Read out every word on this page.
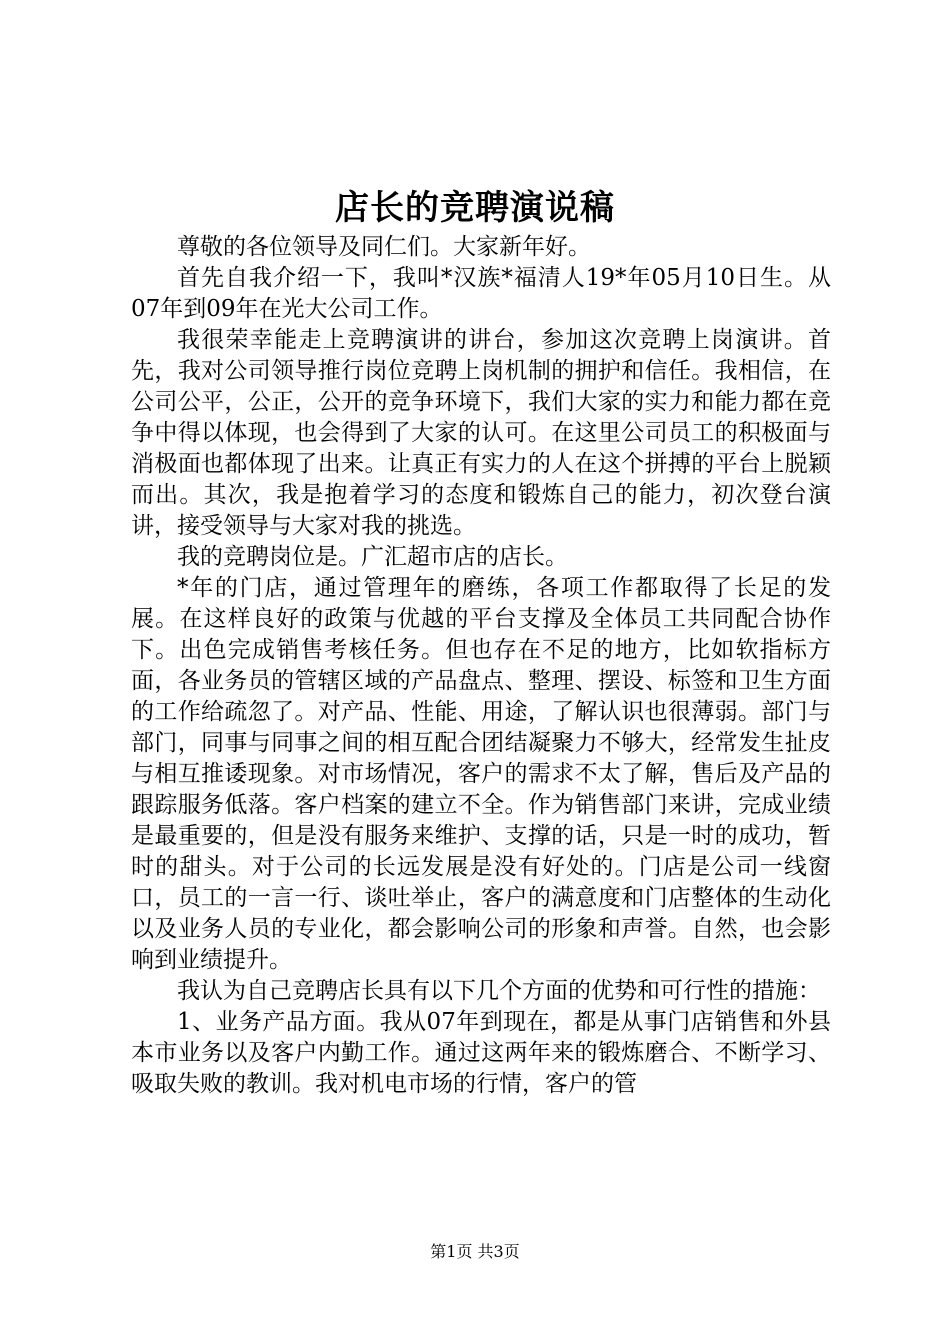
店长的竞聘演说稿

尊敬的各位领导及同仁们。大家新年好。

首先自我介绍一下，我叫*汉族*福清人19*年05月10日生。从07年到09年在光大公司工作。

我很荣幸能走上竞聘演讲的讲台，参加这次竞聘上岗演讲。首先，我对公司领导推行岗位竞聘上岗机制的拥护和信任。我相信，在公司公平，公正，公开的竞争环境下，我们大家的实力和能力都在竞争中得以体现，也会得到了大家的认可。在这里公司员工的积极面与消极面也都体现了出来。让真正有实力的人在这个拼搏的平台上脱颖而出。其次，我是抱着学习的态度和锻炼自己的能力，初次登台演讲，接受领导与大家对我的挑选。

我的竞聘岗位是。广汇超市店的店长。

*年的门店，通过管理年的磨练，各项工作都取得了长足的发展。在这样良好的政策与优越的平台支撑及全体员工共同配合协作下。出色完成销售考核任务。但也存在不足的地方，比如软指标方面，各业务员的管辖区域的产品盘点、整理、摆设、标签和卫生方面的工作给疏忽了。对产品、性能、用途，了解认识也很薄弱。部门与部门，同事与同事之间的相互配合团结凝聚力不够大，经常发生扯皮与相互推诿现象。对市场情况，客户的需求不太了解，售后及产品的跟踪服务低落。客户档案的建立不全。作为销售部门来讲，完成业绩是最重要的，但是没有服务来维护、支撑的话，只是一时的成功，暂时的甜头。对于公司的长远发展是没有好处的。门店是公司一线窗口，员工的一言一行、谈吐举止，客户的满意度和门店整体的生动化以及业务人员的专业化，都会影响公司的形象和声誉。自然，也会影响到业绩提升。

我认为自己竞聘店长具有以下几个方面的优势和可行性的措施：

1、业务产品方面。我从07年到现在，都是从事门店销售和外县本市业务以及客户内勤工作。通过这两年来的锻炼磨合、不断学习、吸取失败的教训。我对机电市场的行情，客户的管

第1页 共3页
